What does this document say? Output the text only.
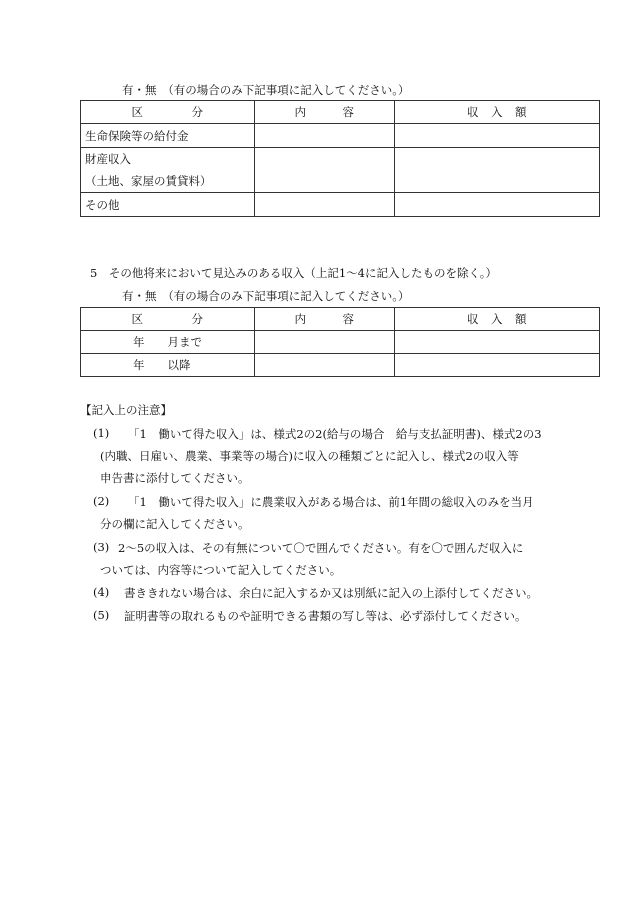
有・無　（有の場合のみ下記事項に記入してください。）
区　　　　分	内　　　容	収　入　額
生命保険等の給付金		

財産収入
（土地、家屋の賃貸料）		

その他		
5　その他将来において見込みのある収入（上記1〜4に記入したものを除く。）
有・無　（有の場合のみ下記事項に記入してください。）
区　　　　分	内　　　容	収　入　額
年　　月まで		
年　　以降		
【記入上の注意】
(1) 「1　働いて得た収入」は、様式2の2(給与の場合　給与支払証明書)、様式2の3
(内職、日雇い、農業、事業等の場合)に収入の種類ごとに記入し、様式2の収入等
申告書に添付してください。
(2) 「1　働いて得た収入」に農業収入がある場合は、前1年間の総収入のみを当月
分の欄に記入してください。
(3) 2〜5の収入は、その有無について〇で囲んでください。有を〇で囲んだ収入に
ついては、内容等について記入してください。
(4) 書ききれない場合は、余白に記入するか又は別紙に記入の上添付してください。
(5) 証明書等の取れるものや証明できる書類の写し等は、必ず添付してください。
